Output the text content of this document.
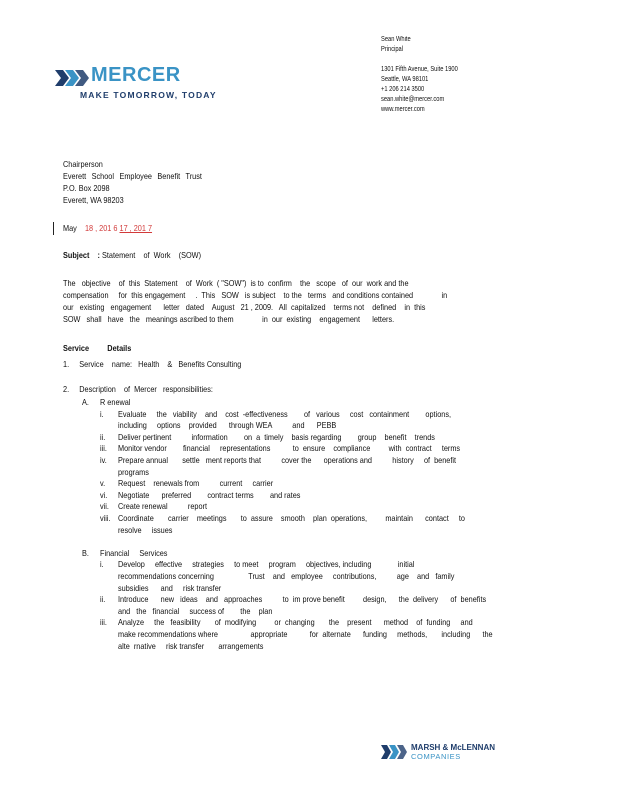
MERCER
MAKE TOMORROW, TODAY
Sean White
Principal
1301 Fifth Avenue, Suite 1900
Seattle, WA 98101
+1 206 214 3500
sean.white@mercer.com
www.mercer.com
Chairperson
Everett School Employee Benefit Trust
P.O. Box 2098
Everett, WA 98203
May 18 , 201 6 17 , 201 7
Subject : Statement    of  Work    (SOW)
The   objective    of  this  Statement    of  Work  ( "SOW")  is to  confirm    the   scope   of  our  work and the
compensation     for  this engagement     .  This   SOW   is subject    to the   terms   and conditions contained              in
our   existing   engagement      letter   dated    August   21 , 2009.   All  capitalized    terms not    defined    in  this
SOW   shall   have   the   meanings ascribed to them              in  our  existing    engagement      letters.
Service Details
1. Service    name:   Health    &   Benefits Consulting
2. Description    of  Mercer   responsibilities:
A. R enewal
i. Evaluate     the   viability    and    cost  -effectiveness        of   various     cost   containment        options,
including     options    provided      through WEA          and      PEBB
ii. Deliver pertinent          information        on  a  timely    basis regarding        group    benefit    trends
iii. Monitor vendor        financial     representations           to  ensure    compliance         with  contract     terms
iv. Prepare annual       settle   ment reports that          cover the      operations and          history     of  benefit
programs
v. Request    renewals from          current     carrier
vi. Negotiate      preferred        contract terms        and rates
vii. Create renewal          report
viii. Coordinate       carrier    meetings       to  assure    smooth    plan  operations,         maintain      contact     to
resolve     issues
B. Financial     Services
i. Develop     effective     strategies     to meet     program     objectives, including             initial
recommendations concerning                 Trust    and   employee     contributions,          age    and   family
subsidies      and     risk transfer
ii. Introduce      new   ideas    and   approaches          to  im prove benefit         design,      the  delivery      of  benefits
and   the   financial     success of        the    plan
iii. Analyze     the   feasibility       of  modifying         or  changing       the    present      method    of  funding     and
make recommendations where                appropriate           for  alternate      funding     methods,       including      the
alte  rnative     risk transfer       arrangements
MARSH & McLENNAN
COMPANIES
